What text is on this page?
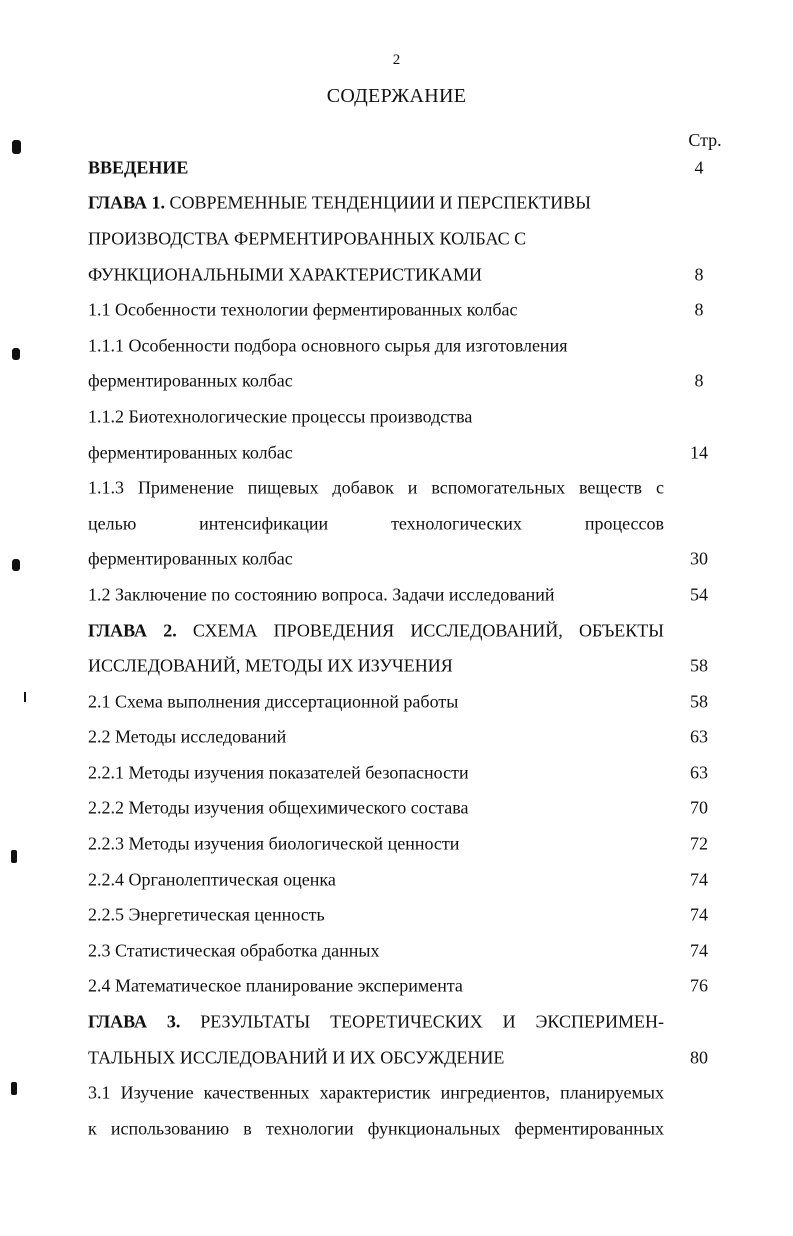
2
СОДЕРЖАНИЕ
Стр.
ВВЕДЕНИЕ	4
ГЛАВА 1. СОВРЕМЕННЫЕ ТЕНДЕНЦИИИ И ПЕРСПЕКТИВЫ
ПРОИЗВОДСТВА ФЕРМЕНТИРОВАННЫХ КОЛБАС С
ФУНКЦИОНАЛЬНЫМИ ХАРАКТЕРИСТИКАМИ	8
1.1 Особенности технологии ферментированных колбас	8
1.1.1 Особенности подбора основного сырья для изготовления
ферментированных колбас	8
1.1.2 Биотехнологические процессы производства
ферментированных колбас	14
1.1.3 Применение пищевых добавок и вспомогательных веществ с
целью интенсификации технологических процессов
ферментированных колбас	30
1.2 Заключение по состоянию вопроса. Задачи исследований	54
ГЛАВА 2. СХЕМА ПРОВЕДЕНИЯ ИССЛЕДОВАНИЙ, ОБЪЕКТЫ
ИССЛЕДОВАНИЙ, МЕТОДЫ ИХ ИЗУЧЕНИЯ	58
2.1 Схема выполнения диссертационной работы	58
2.2 Методы исследований	63
2.2.1 Методы изучения показателей безопасности	63
2.2.2 Методы изучения общехимического состава	70
2.2.3 Методы изучения биологической ценности	72
2.2.4 Органолептическая оценка	74
2.2.5 Энергетическая ценность	74
2.3 Статистическая обработка данных	74
2.4 Математическое планирование эксперимента	76
ГЛАВА 3. РЕЗУЛЬТАТЫ ТЕОРЕТИЧЕСКИХ И ЭКСПЕРИМЕН-
ТАЛЬНЫХ ИССЛЕДОВАНИЙ И ИХ ОБСУЖДЕНИЕ	80
3.1 Изучение качественных характеристик ингредиентов, планируемых
к использованию в технологии функциональных ферментированных
